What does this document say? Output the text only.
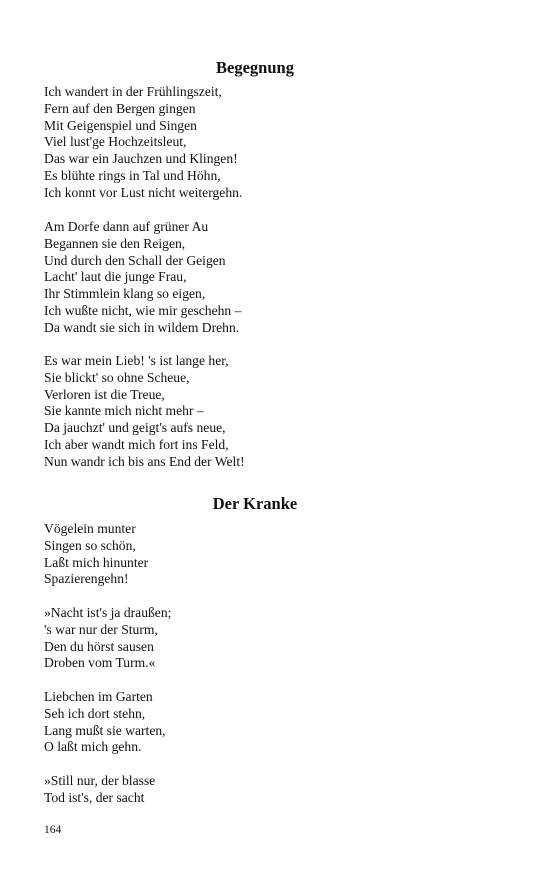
Begegnung

Ich wandert in der Frühlingszeit,
Fern auf den Bergen gingen
Mit Geigenspiel und Singen
Viel lust'ge Hochzeitsleut,
Das war ein Jauchzen und Klingen!
Es blühte rings in Tal und Höhn,
Ich konnt vor Lust nicht weitergehn.

Am Dorfe dann auf grüner Au
Begannen sie den Reigen,
Und durch den Schall der Geigen
Lacht' laut die junge Frau,
Ihr Stimmlein klang so eigen,
Ich wußte nicht, wie mir geschehn –
Da wandt sie sich in wildem Drehn.

Es war mein Lieb! 's ist lange her,
Sie blickt' so ohne Scheue,
Verloren ist die Treue,
Sie kannte mich nicht mehr –
Da jauchzt' und geigt's aufs neue,
Ich aber wandt mich fort ins Feld,
Nun wandr ich bis ans End der Welt!

Der Kranke

Vögelein munter
Singen so schön,
Laßt mich hinunter
Spazierengehn!

»Nacht ist's ja draußen;
's war nur der Sturm,
Den du hörst sausen
Droben vom Turm.«

Liebchen im Garten
Seh ich dort stehn,
Lang mußt sie warten,
O laßt mich gehn.

»Still nur, der blasse
Tod ist's, der sacht

164
